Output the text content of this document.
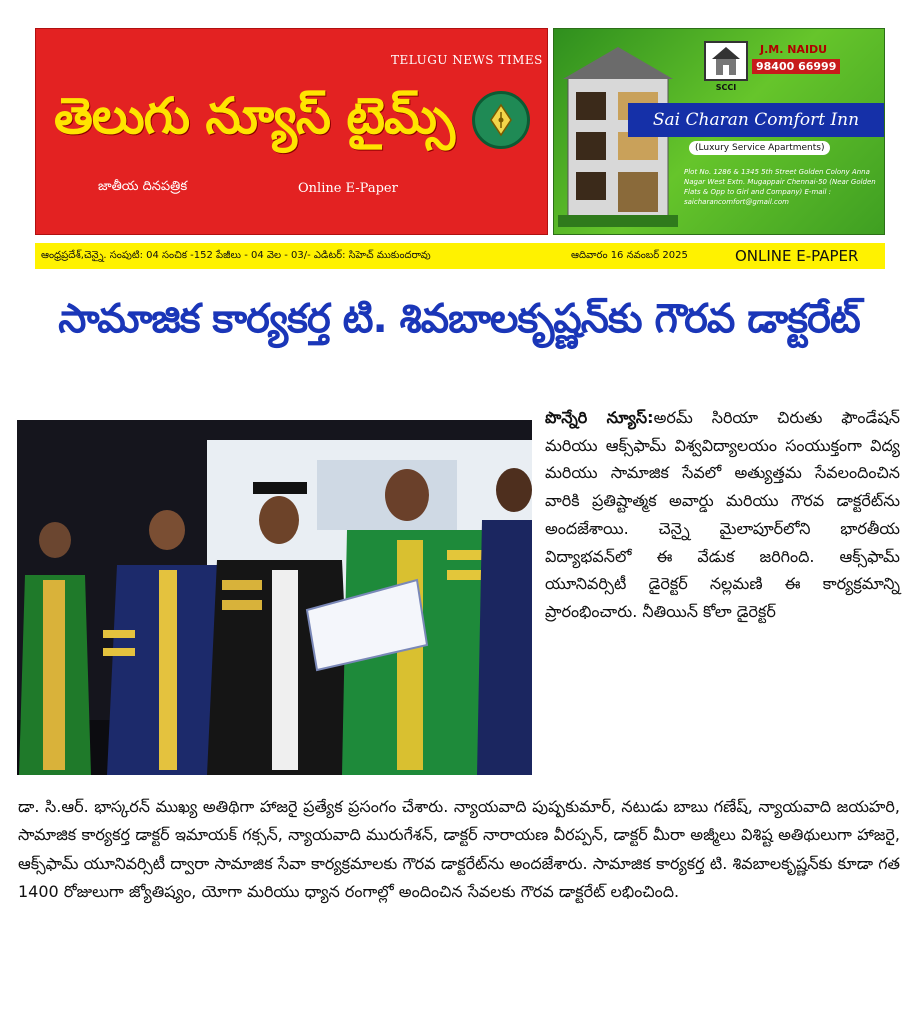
TELUGU NEWS TIMES
తెలుగు న్యూస్ టైమ్స్
జాతీయ దినపత్రిక	Online E-Paper
SCCI
J.M. NAIDU
98400 66999
Sai Charan Comfort Inn
(Luxury Service Apartments)
Plot No. 1286 & 1345 5th Street Golden Colony Anna Nagar West Extn. Mugappair Chennai-50 (Near Golden Flats & Opp to Girl and Company) E-mail : saicharancomfort@gmail.com
ఆంధ్రప్రదేశ్,చెన్నై. సంపుటి: 04 సంచిక -152 పేజీలు - 04 వెల - 03/- ఎడిటర్: సిహెచ్ ముకుందరావు	ఆదివారం 16 నవంబర్ 2025	ONLINE E-PAPER
సామాజిక కార్యకర్త టి. శివబాలకృష్ణన్‌కు గౌరవ డాక్టరేట్
పొన్నేరి న్యూస్:అరమ్ సిరియా చిరుతు ఫౌండేషన్ మరియు ఆక్స్‌ఫామ్ విశ్వవిద్యాలయం సంయుక్తంగా విద్య మరియు సామాజిక సేవలో అత్యుత్తమ సేవలందించిన వారికి ప్రతిష్టాత్మక అవార్డు మరియు గౌరవ డాక్టరేట్‌ను అందజేశాయి. చెన్నై మైలాపూర్‌లోని భారతీయ విద్యాభవన్‌లో ఈ వేడుక జరిగింది. ఆక్స్‌ఫామ్ యూనివర్సిటీ డైరెక్టర్ నల్లమణి ఈ కార్యక్రమాన్ని ప్రారంభించారు. నీతియిన్ కోలా డైరెక్టర్
డా. సి.ఆర్. భాస్కరన్ ముఖ్య అతిథిగా హాజరై ప్రత్యేక ప్రసంగం చేశారు. న్యాయవాది పుష్పకుమార్, నటుడు బాబు గణేష్, న్యాయవాది జయహరి, సామాజిక కార్యకర్త డాక్టర్ ఇమాయక్ గక్సన్, న్యాయవాది మురుగేశన్, డాక్టర్ నారాయణ వీరప్పన్, డాక్టర్ మీరా అజ్మీలు విశిష్ట అతిథులుగా హాజరై, ఆక్స్‌ఫామ్ యూనివర్సిటీ ద్వారా సామాజిక సేవా కార్యక్రమాలకు గౌరవ డాక్టరేట్‌ను అందజేశారు. సామాజిక కార్యకర్త టి. శివబాలకృష్ణన్‌కు కూడా గత 1400 రోజులుగా జ్యోతిష్యం, యోగా మరియు ధ్యాన రంగాల్లో అందించిన సేవలకు గౌరవ డాక్టరేట్ లభించింది.
